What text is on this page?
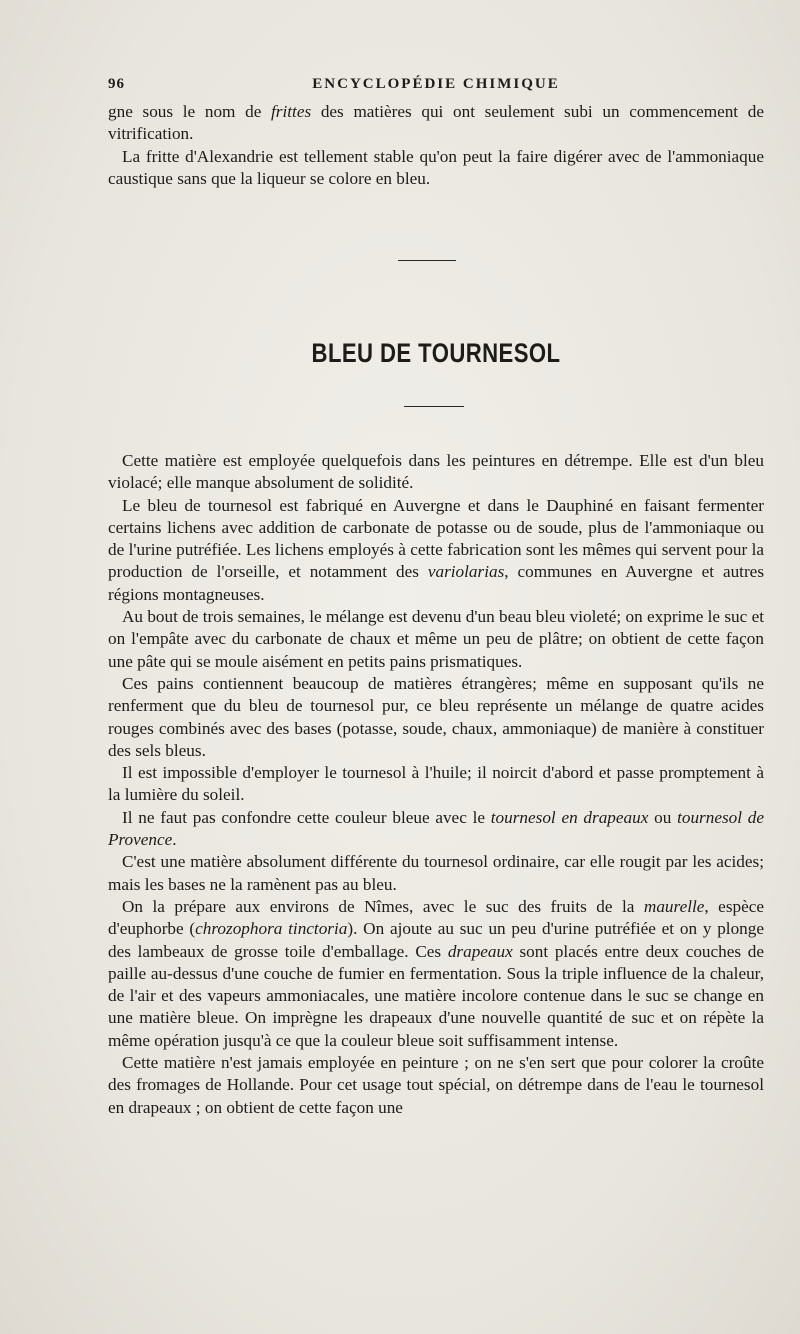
96	ENCYCLOPÉDIE CHIMIQUE

gne sous le nom de frittes des matières qui ont seulement subi un commencement de vitrification.

La fritte d'Alexandrie est tellement stable qu'on peut la faire digérer avec de l'ammoniaque caustique sans que la liqueur se colore en bleu.

BLEU DE TOURNESOL

Cette matière est employée quelquefois dans les peintures en détrempe. Elle est d'un bleu violacé; elle manque absolument de solidité.

Le bleu de tournesol est fabriqué en Auvergne et dans le Dauphiné en faisant fermenter certains lichens avec addition de carbonate de potasse ou de soude, plus de l'ammoniaque ou de l'urine putréfiée. Les lichens employés à cette fabrication sont les mêmes qui servent pour la production de l'orseille, et notamment des variolarias, communes en Auvergne et autres régions montagneuses.

Au bout de trois semaines, le mélange est devenu d'un beau bleu violeté; on exprime le suc et on l'empâte avec du carbonate de chaux et même un peu de plâtre; on obtient de cette façon une pâte qui se moule aisément en petits pains prismatiques.

Ces pains contiennent beaucoup de matières étrangères; même en supposant qu'ils ne renferment que du bleu de tournesol pur, ce bleu représente un mélange de quatre acides rouges combinés avec des bases (potasse, soude, chaux, ammoniaque) de manière à constituer des sels bleus.

Il est impossible d'employer le tournesol à l'huile; il noircit d'abord et passe promptement à la lumière du soleil.

Il ne faut pas confondre cette couleur bleue avec le tournesol en drapeaux ou tournesol de Provence.

C'est une matière absolument différente du tournesol ordinaire, car elle rougit par les acides; mais les bases ne la ramènent pas au bleu.

On la prépare aux environs de Nîmes, avec le suc des fruits de la maurelle, espèce d'euphorbe (chrozophora tinctoria). On ajoute au suc un peu d'urine putréfiée et on y plonge des lambeaux de grosse toile d'emballage. Ces drapeaux sont placés entre deux couches de paille au-dessus d'une couche de fumier en fermentation. Sous la triple influence de la chaleur, de l'air et des vapeurs ammoniacales, une matière incolore contenue dans le suc se change en une matière bleue. On imprègne les drapeaux d'une nouvelle quantité de suc et on répète la même opération jusqu'à ce que la couleur bleue soit suffisamment intense.

Cette matière n'est jamais employée en peinture ; on ne s'en sert que pour colorer la croûte des fromages de Hollande. Pour cet usage tout spécial, on détrempe dans de l'eau le tournesol en drapeaux ; on obtient de cette façon une
